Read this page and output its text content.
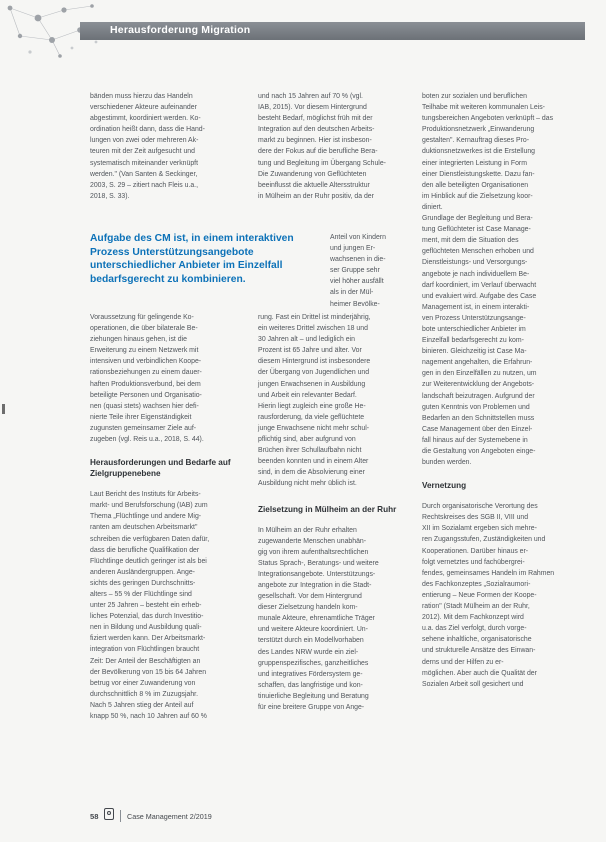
Herausforderung Migration

bänden muss hierzu das Handeln

verschiedener Akteure aufeinander

abgestimmt, koordiniert werden. Ko-

ordination heißt dann, dass die Hand-

lungen von zwei oder mehreren Ak-

teuren mit der Zeit aufgesucht und

systematisch miteinander verknüpft

werden." (Van Santen & Seckinger,

2003, S. 29 – zitiert nach Fleis u.a.,

2018, S. 33).

Aufgabe des CM ist, in einem interaktiven Prozess Unterstützungsangebote unterschiedlicher Anbieter im Einzelfall bedarfsgerecht zu kombinieren.

Voraussetzung für gelingende Ko-

operationen, die über bilaterale Be-

ziehungen hinaus gehen, ist die

Erweiterung zu einem Netzwerk mit

intensiven und verbindlichen Koope-

rationsbeziehungen zu einem dauer-

haften Produktionsverbund, bei dem

beteiligte Personen und Organisatio-

nen (quasi stets) wachsen hier defi-

nierte Teile ihrer Eigenständigkeit

zugunsten gemeinsamer Ziele auf-

zugeben (vgl. Reis u.a., 2018, S. 44).

Herausforderungen und Bedarfe auf Zielgruppenebene

Laut Bericht des Instituts für Arbeits-

markt- und Berufsforschung (IAB) zum

Thema „Flüchtlinge und andere Mig-

ranten am deutschen Arbeitsmarkt"

schreiben die verfügbaren Daten dafür,

dass die berufliche Qualifikation der

Flüchtlinge deutlich geringer ist als bei

anderen Ausländergruppen. Ange-

sichts des geringen Durchschnitts-

alters – 55 % der Flüchtlinge sind

unter 25 Jahren – besteht ein erheb-

liches Potenzial, das durch Investitio-

nen in Bildung und Ausbildung quali-

fiziert werden kann. Der Arbeitsmarkt-

integration von Flüchtlingen braucht

Zeit: Der Anteil der Beschäftigten an

der Bevölkerung von 15 bis 64 Jahren

betrug vor einer Zuwanderung von

durchschnittlich 8 % im Zuzugsjahr.

Nach 5 Jahren stieg der Anteil auf

knapp 50 %, nach 10 Jahren auf 60 %

und nach 15 Jahren auf 70 % (vgl.

IAB, 2015). Vor diesem Hintergrund

besteht Bedarf, möglichst früh mit der

Integration auf den deutschen Arbeits-

markt zu beginnen. Hier ist insbeson-

dere der Fokus auf die berufliche Bera-

tung und Begleitung im Übergang Schule-

Die Zuwanderung von Geflüchteten

beeinflusst die aktuelle Altersstruktur

in Mülheim an der Ruhr positiv, da der

Anteil von Kindern

und jungen Er-

wachsenen in die-

ser Gruppe sehr

viel höher ausfällt

als in der Mül-

heimer Bevölke-

rung. Fast ein Drittel ist minderjährig,

ein weiteres Drittel zwischen 18 und

30 Jahren alt – und lediglich ein

Prozent ist 65 Jahre und älter. Vor

diesem Hintergrund ist insbesondere

der Übergang von Jugendlichen und

jungen Erwachsenen in Ausbildung

und Arbeit ein relevanter Bedarf.

Hierin liegt zugleich eine große He-

rausforderung, da viele geflüchtete

junge Erwachsene nicht mehr schul-

pflichtig sind, aber aufgrund von

Brüchen ihrer Schullaufbahn nicht

beenden konnten und in einem Alter

sind, in dem die Absolvierung einer

Ausbildung nicht mehr üblich ist.

Zielsetzung in Mülheim an der Ruhr

In Mülheim an der Ruhr erhalten

zugewanderte Menschen unabhän-

gig von ihrem aufenthaltsrechtlichen

Status Sprach-, Beratungs- und weitere

Integrationsangebote. Unterstützungs-

angebote zur Integration in die Stadt-

gesellschaft. Vor dem Hintergrund

dieser Zielsetzung handeln kom-

munale Akteure, ehrenamtliche Träger

und weitere Akteure koordiniert. Un-

terstützt durch ein Modellvorhaben

des Landes NRW wurde ein ziel-

gruppenspezifisches, ganzheitliches

und integratives Fördersystem ge-

schaffen, das langfristige und kon-

tinuierliche Begleitung und Beratung

für eine breitere Gruppe von Ange-

boten zur sozialen und beruflichen

Teilhabe mit weiteren kommunalen Leis-

tungsbereichen Angeboten verknüpft – das

Produktionsnetzwerk „Einwanderung

gestalten". Kernauftrag dieses Pro-

duktionsnetzwerkes ist die Erstellung

einer integrierten Leistung in Form

einer Dienstleistungskette. Dazu fan-

den alle beteiligten Organisationen

im Hinblick auf die Zielsetzung koor-

diniert.

Grundlage der Begleitung und Bera-

tung Geflüchteter ist Case Manage-

ment, mit dem die Situation des

geflüchteten Menschen erhoben und

Dienstleistungs- und Versorgungs-

angebote je nach individuellem Be-

darf koordiniert, im Verlauf überwacht

und evaluiert wird. Aufgabe des Case

Management ist, in einem interakti-

ven Prozess Unterstützungsange-

bote unterschiedlicher Anbieter im

Einzelfall bedarfsgerecht zu kom-

binieren. Gleichzeitig ist Case Ma-

nagement angehalten, die Erfahrun-

gen in den Einzelfällen zu nutzen, um

zur Weiterentwicklung der Angebots-

landschaft beizutragen. Aufgrund der

guten Kenntnis von Problemen und

Bedarfen an den Schnittstellen muss

Case Management über den Einzel-

fall hinaus auf der Systemebene in

die Gestaltung von Angeboten einge-

bunden werden.

Vernetzung

Durch organisatorische Verortung des

Rechtskreises des SGB II, VIII und

XII im Sozialamt ergeben sich mehre-

ren Zugangsstufen, Zuständigkeiten und

Kooperationen. Darüber hinaus er-

folgt vernetztes und fachübergrei-

fendes, gemeinsames Handeln im Rahmen

des Fachkonzeptes „Sozialraumori-

entierung – Neue Formen der Koope-

ration" (Stadt Mülheim an der Ruhr,

2012). Mit dem Fachkonzept wird

u.a. das Ziel verfolgt, durch vorge-

sehene inhaltliche, organisatorische

und strukturelle Ansätze des Einwan-

derns und der Hilfen zu er-

möglichen. Aber auch die Qualität der

Sozialen Arbeit soll gesichert und

58	Case Management 2/2019
